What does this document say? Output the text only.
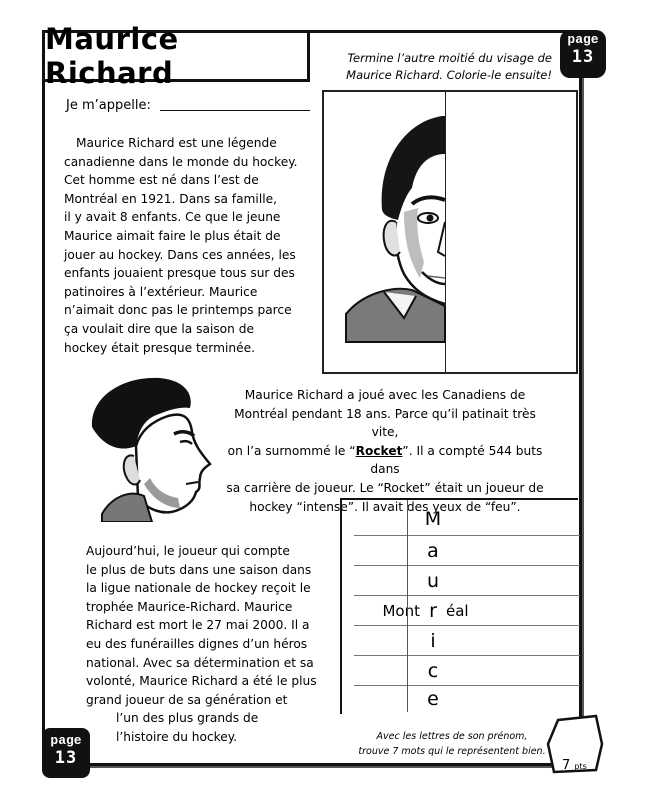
Maurice Richard	Termine l’autre moitié du visage de
Maurice Richard. Colorie-le ensuite!
page
13
Je m’appelle:
Maurice Richard est une légende
canadienne dans le monde du hockey.
Cet homme est né dans l’est de
Montréal en 1921. Dans sa famille,
il y avait 8 enfants. Ce que le jeune
Maurice aimait faire le plus était de
jouer au hockey. Dans ces années, les
enfants jouaient presque tous sur des
patinoires à l’extérieur. Maurice
n’aimait donc pas le printemps parce
ça voulait dire que la saison de
hockey était presque terminée.
Maurice Richard a joué avec les Canadiens de
Montréal pendant 18 ans. Parce qu’il patinait très vite,
on l’a surnommé le “Rocket”. Il a compté 544 buts dans
sa carrière de joueur. Le “Rocket” était un joueur de
hockey “intense”. Il avait des yeux de “feu”.
Aujourd’hui, le joueur qui compte
le plus de buts dans une saison dans
la ligue nationale de hockey reçoit le
trophée Maurice-Richard. Maurice
Richard est mort le 27 mai 2000. Il a
eu des funérailles dignes d’un héros
national. Avec sa détermination et sa
volonté, Maurice Richard a été le plus
grand joueur de sa génération et
l’un des plus grands de
l’histoire du hockey.
M
a
u
Mont r éal
i
c
e
Avec les lettres de son prénom,
trouve 7 mots qui le représentent bien.
7 pts
page
13
